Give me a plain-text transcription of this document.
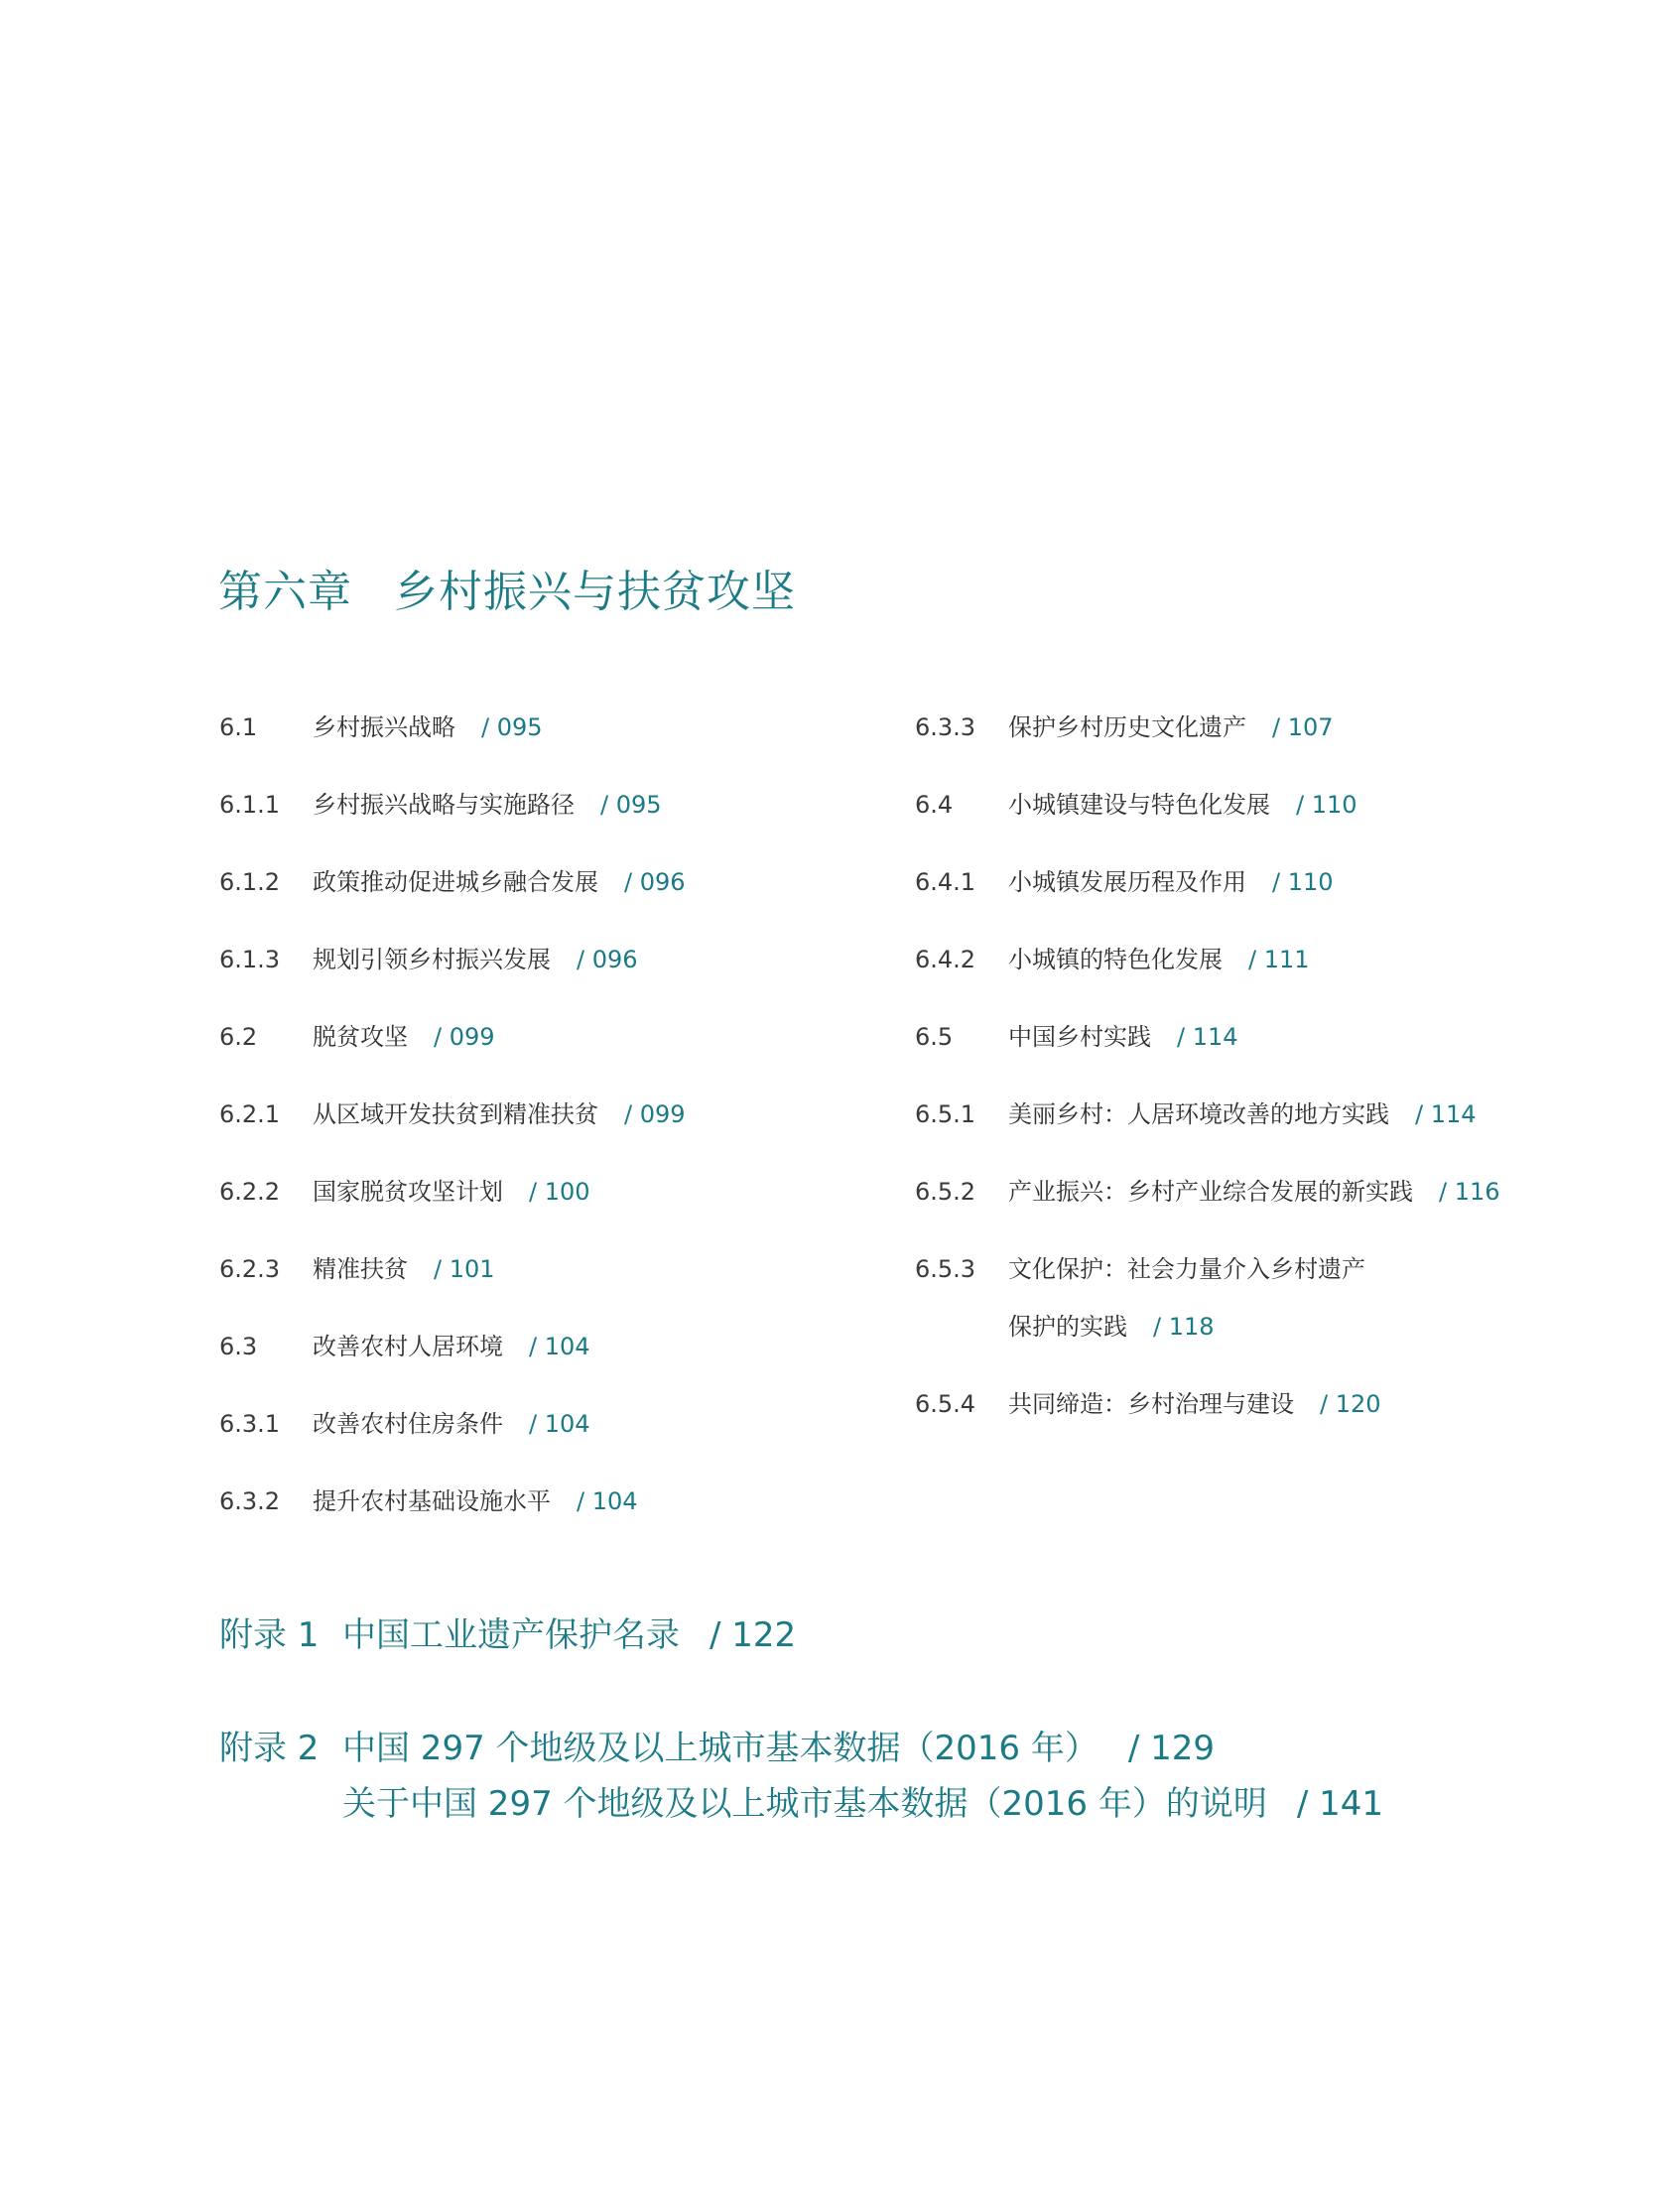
第六章 乡村振兴与扶贫攻坚
6.1	乡村振兴战略 / 095
6.1.1	乡村振兴战略与实施路径 / 095
6.1.2	政策推动促进城乡融合发展 / 096
6.1.3	规划引领乡村振兴发展 / 096
6.2	脱贫攻坚 / 099
6.2.1	从区域开发扶贫到精准扶贫 / 099
6.2.2	国家脱贫攻坚计划 / 100
6.2.3	精准扶贫 / 101
6.3	改善农村人居环境 / 104
6.3.1	改善农村住房条件 / 104
6.3.2	提升农村基础设施水平 / 104
6.3.3	保护乡村历史文化遗产 / 107
6.4	小城镇建设与特色化发展 / 110
6.4.1	小城镇发展历程及作用 / 110
6.4.2	小城镇的特色化发展 / 111
6.5	中国乡村实践 / 114
6.5.1	美丽乡村：人居环境改善的地方实践 / 114
6.5.2	产业振兴：乡村产业综合发展的新实践 / 116
6.5.3	文化保护：社会力量介入乡村遗产
保护的实践 / 118
6.5.4	共同缔造：乡村治理与建设 / 120
附录 1 中国工业遗产保护名录 / 122
附录 2 中国 297 个地级及以上城市基本数据（2016 年） / 129
关于中国 297 个地级及以上城市基本数据（2016 年）的说明 / 141
